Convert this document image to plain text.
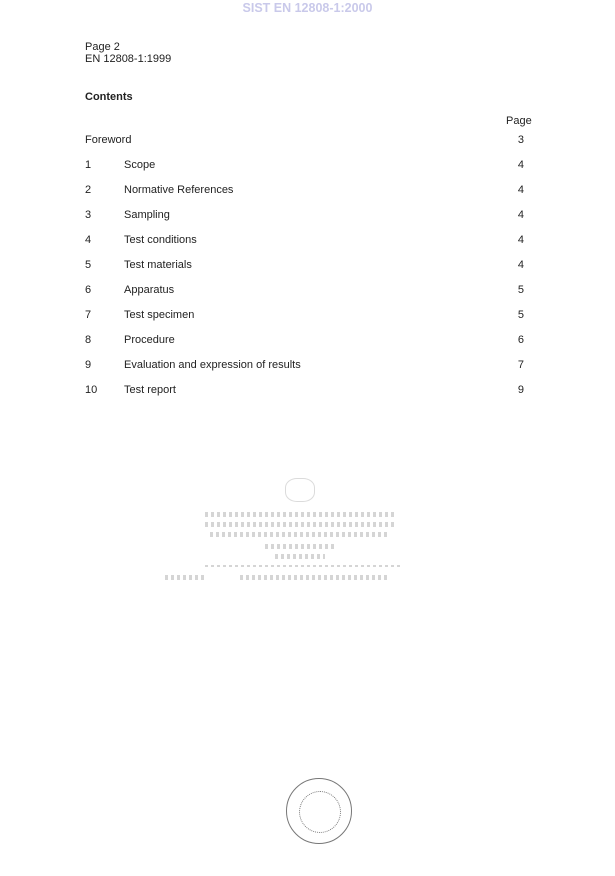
SIST EN 12808-1:2000
Page 2
EN 12808-1:1999
Contents
Page
Foreword	3
1	Scope	4
2	Normative References	4
3	Sampling	4
4	Test conditions	4
5	Test materials	4
6	Apparatus	5
7	Test specimen	5
8	Procedure	6
9	Evaluation and expression of results	7
10 Test report	9
